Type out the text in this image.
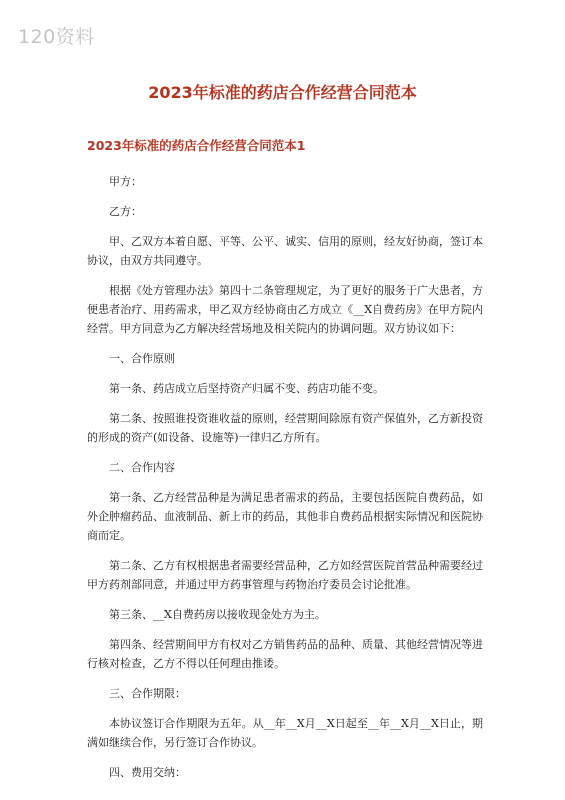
120资料
2023年标准的药店合作经营合同范本
2023年标准的药店合作经营合同范本1

甲方：

乙方：

甲、乙双方本着自愿、平等、公平、诚实、信用的原则，经友好协商，签订本协议，由双方共同遵守。

根据《处方管理办法》第四十二条管理规定，为了更好的服务于广大患者，方便患者治疗、用药需求，甲乙双方经协商由乙方成立《__X自费药房》在甲方院内经营。甲方同意为乙方解决经营场地及相关院内的协调问题。双方协议如下：

一、合作原则

第一条、药店成立后坚持资产归属不变、药店功能不变。

第二条、按照谁投资谁收益的原则，经营期间除原有资产保值外，乙方新投资的形成的资产(如设备、设施等)一律归乙方所有。

二、合作内容

第一条、乙方经营品种是为满足患者需求的药品，主要包括医院自费药品，如外企肿瘤药品、血液制品、新上市的药品，其他非自费药品根据实际情况和医院协商而定。

第二条、乙方有权根据患者需要经营品种，乙方如经营医院首营品种需要经过甲方药剂部同意，并通过甲方药事管理与药物治疗委员会讨论批准。

第三条、__X自费药房以接收现金处方为主。

第四条、经营期间甲方有权对乙方销售药品的品种、质量、其他经营情况等进行核对检查，乙方不得以任何理由推诿。

三、合作期限：

本协议签订合作期限为五年。从__年__X月__X日起至__年__X月__X日止，期满如继续合作，另行签订合作协议。

四、费用交纳：
